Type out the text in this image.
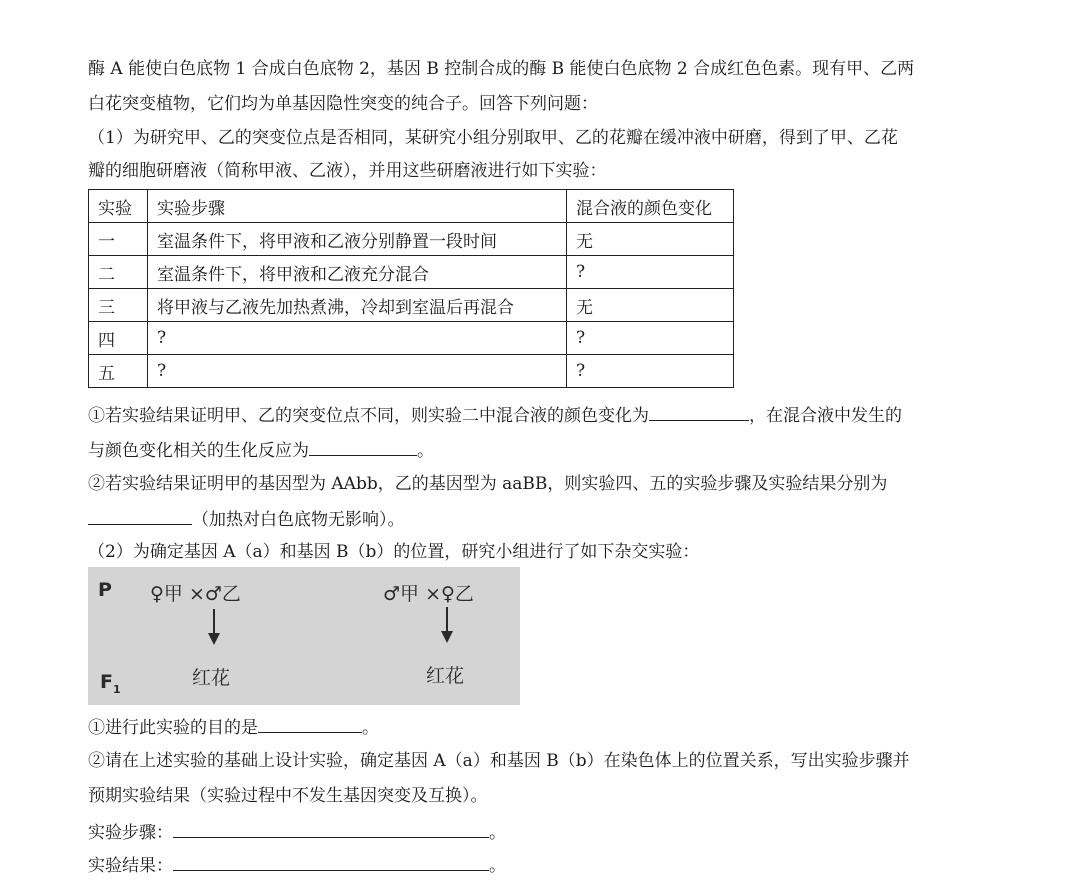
酶 A 能使白色底物 1 合成白色底物 2，基因 B 控制合成的酶 B 能使白色底物 2 合成红色色素。现有甲、乙两
白花突变植物，它们均为单基因隐性突变的纯合子。回答下列问题：
（1）为研究甲、乙的突变位点是否相同，某研究小组分别取甲、乙的花瓣在缓冲液中研磨，得到了甲、乙花
瓣的细胞研磨液（简称甲液、乙液），并用这些研磨液进行如下实验：
实验	实验步骤	混合液的颜色变化
一	室温条件下，将甲液和乙液分别静置一段时间	无
二	室温条件下，将甲液和乙液充分混合	?
三	将甲液与乙液先加热煮沸，冷却到室温后再混合	无
四	?	?
五	?	?
①若实验结果证明甲、乙的突变位点不同，则实验二中混合液的颜色变化为	，在混合液中发生的
与颜色变化相关的生化反应为	。
②若实验结果证明甲的基因型为 AAbb，乙的基因型为 aaBB，则实验四、五的实验步骤及实验结果分别为
（加热对白色底物无影响）。
（2）为确定基因 A（a）和基因 B（b）的位置，研究小组进行了如下杂交实验：
P ♀甲 ×♂乙	♂甲 ×♀乙
$F_1$
红花	红花
①进行此实验的目的是	。
②请在上述实验的基础上设计实验，确定基因 A（a）和基因 B（b）在染色体上的位置关系，写出实验步骤并
预期实验结果（实验过程中不发生基因突变及互换）。
实验步骤：	。
实验结果：	。
